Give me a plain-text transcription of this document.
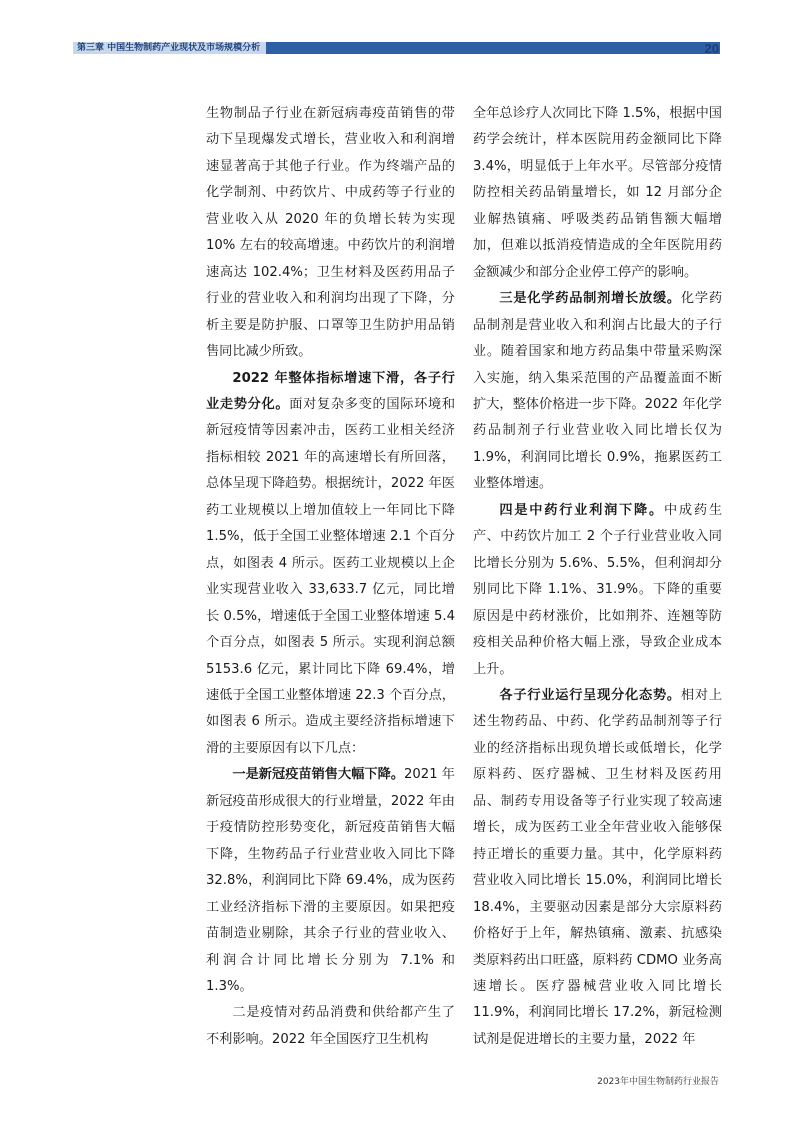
第三章 中国生物制药产业现状及市场规模分析	20

生物制品子行业在新冠病毒疫苗销售的带动下呈现爆发式增长，营业收入和利润增速显著高于其他子行业。作为终端产品的化学制剂、中药饮片、中成药等子行业的营业收入从 2020 年的负增长转为实现 10% 左右的较高增速。中药饮片的利润增速高达 102.4%；卫生材料及医药用品子行业的营业收入和利润均出现了下降，分析主要是防护服、口罩等卫生防护用品销售同比减少所致。

2022 年整体指标增速下滑，各子行业走势分化。面对复杂多变的国际环境和新冠疫情等因素冲击，医药工业相关经济指标相较 2021 年的高速增长有所回落，总体呈现下降趋势。根据统计，2022 年医药工业规模以上增加值较上一年同比下降 1.5%，低于全国工业整体增速 2.1 个百分点，如图表 4 所示。医药工业规模以上企业实现营业收入 33,633.7 亿元，同比增长 0.5%，增速低于全国工业整体增速 5.4 个百分点，如图表 5 所示。实现利润总额 5153.6 亿元，累计同比下降 69.4%，增速低于全国工业整体增速 22.3 个百分点，如图表 6 所示。造成主要经济指标增速下滑的主要原因有以下几点：

一是新冠疫苗销售大幅下降。2021 年新冠疫苗形成很大的行业增量，2022 年由于疫情防控形势变化，新冠疫苗销售大幅下降，生物药品子行业营业收入同比下降 32.8%，利润同比下降 69.4%，成为医药工业经济指标下滑的主要原因。如果把疫苗制造业剔除，其余子行业的营业收入、利润合计同比增长分别为 7.1% 和 1.3%。

二是疫情对药品消费和供给都产生了不利影响。2022 年全国医疗卫生机构

全年总诊疗人次同比下降 1.5%，根据中国药学会统计，样本医院用药金额同比下降 3.4%，明显低于上年水平。尽管部分疫情防控相关药品销量增长，如 12 月部分企业解热镇痛、呼吸类药品销售额大幅增加，但难以抵消疫情造成的全年医院用药金额减少和部分企业停工停产的影响。

三是化学药品制剂增长放缓。化学药品制剂是营业收入和利润占比最大的子行业。随着国家和地方药品集中带量采购深入实施，纳入集采范围的产品覆盖面不断扩大，整体价格进一步下降。2022 年化学药品制剂子行业营业收入同比增长仅为 1.9%，利润同比增长 0.9%，拖累医药工业整体增速。

四是中药行业利润下降。中成药生产、中药饮片加工 2 个子行业营业收入同比增长分别为 5.6%、5.5%，但利润却分别同比下降 1.1%、31.9%。下降的重要原因是中药材涨价，比如荆芥、连翘等防疫相关品种价格大幅上涨，导致企业成本上升。

各子行业运行呈现分化态势。相对上述生物药品、中药、化学药品制剂等子行业的经济指标出现负增长或低增长，化学原料药、医疗器械、卫生材料及医药用品、制药专用设备等子行业实现了较高速增长，成为医药工业全年营业收入能够保持正增长的重要力量。其中，化学原料药营业收入同比增长 15.0%，利润同比增长 18.4%，主要驱动因素是部分大宗原料药价格好于上年，解热镇痛、激素、抗感染类原料药出口旺盛，原料药 CDMO 业务高速增长。医疗器械营业收入同比增长 11.9%，利润同比增长 17.2%，新冠检测试剂是促进增长的主要力量，2022 年

2023年中国生物制药行业报告
